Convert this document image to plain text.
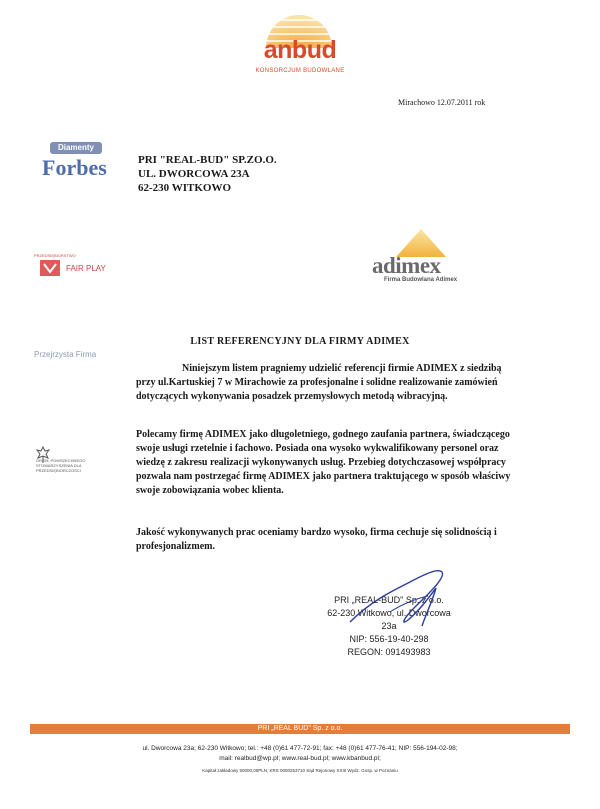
anbud
KONSORCJUM BUDOWLANE
Mirachowo 12.07.2011 rok
Diamenty
Forbes
PRZEDSIĘBIORSTWO
FAIR PLAY
Przejrzysta Firma
ORZEŁ POWSZECHNEGO STOWARZYSZENIA DLA PRZEDSIĘBIORCZOŚCI
PRI "REAL-BUD" SP.ZO.O.
UL. DWORCOWA 23A
62-230 WITKOWO
adimex
Firma Budowlana Adimex
LIST REFERENCYJNY DLA FIRMY ADIMEX
Niniejszym listem pragniemy udzielić referencji firmie ADIMEX z siedzibą przy ul.Kartuskiej 7 w Mirachowie za profesjonalne i solidne realizowanie zamówień dotyczących wykonywania posadzek przemysłowych metodą wibracyjną.
Polecamy firmę ADIMEX jako długoletniego, godnego zaufania partnera, świadczącego swoje usługi rzetelnie i fachowo. Posiada ona wysoko wykwalifikowany personel oraz wiedzę z zakresu realizacji wykonywanych usług. Przebieg dotychczasowej współpracy pozwala nam postrzegać firmę ADIMEX jako partnera traktującego w sposób właściwy swoje zobowiązania wobec klienta.
Jakość wykonywanych prac oceniamy bardzo wysoko, firma cechuje się solidnością i profesjonalizmem.
PRI „REAL-BUD" Sp. z o.o.
62-230 Witkowo, ul. Dworcowa 23a
NIP: 556-19-40-298
REGON: 091493983
PRI „REAL BUD" Sp. z o.o.
ul. Dworcowa 23a; 62-230 Witkowo; tel.: +48 (0)61 477-72-91; fax: +48 (0)61 477-76-41; NIP: 556-194-02-98;
mail: realbud@wp.pl; www.real-bud.pl; www.kbanbud.pl;
Kapitał zakładowy 50000,00PLN; KRS 0000253710 Sąd Rejonowy XXIII Wydz. Gosp. w Poznaniu
